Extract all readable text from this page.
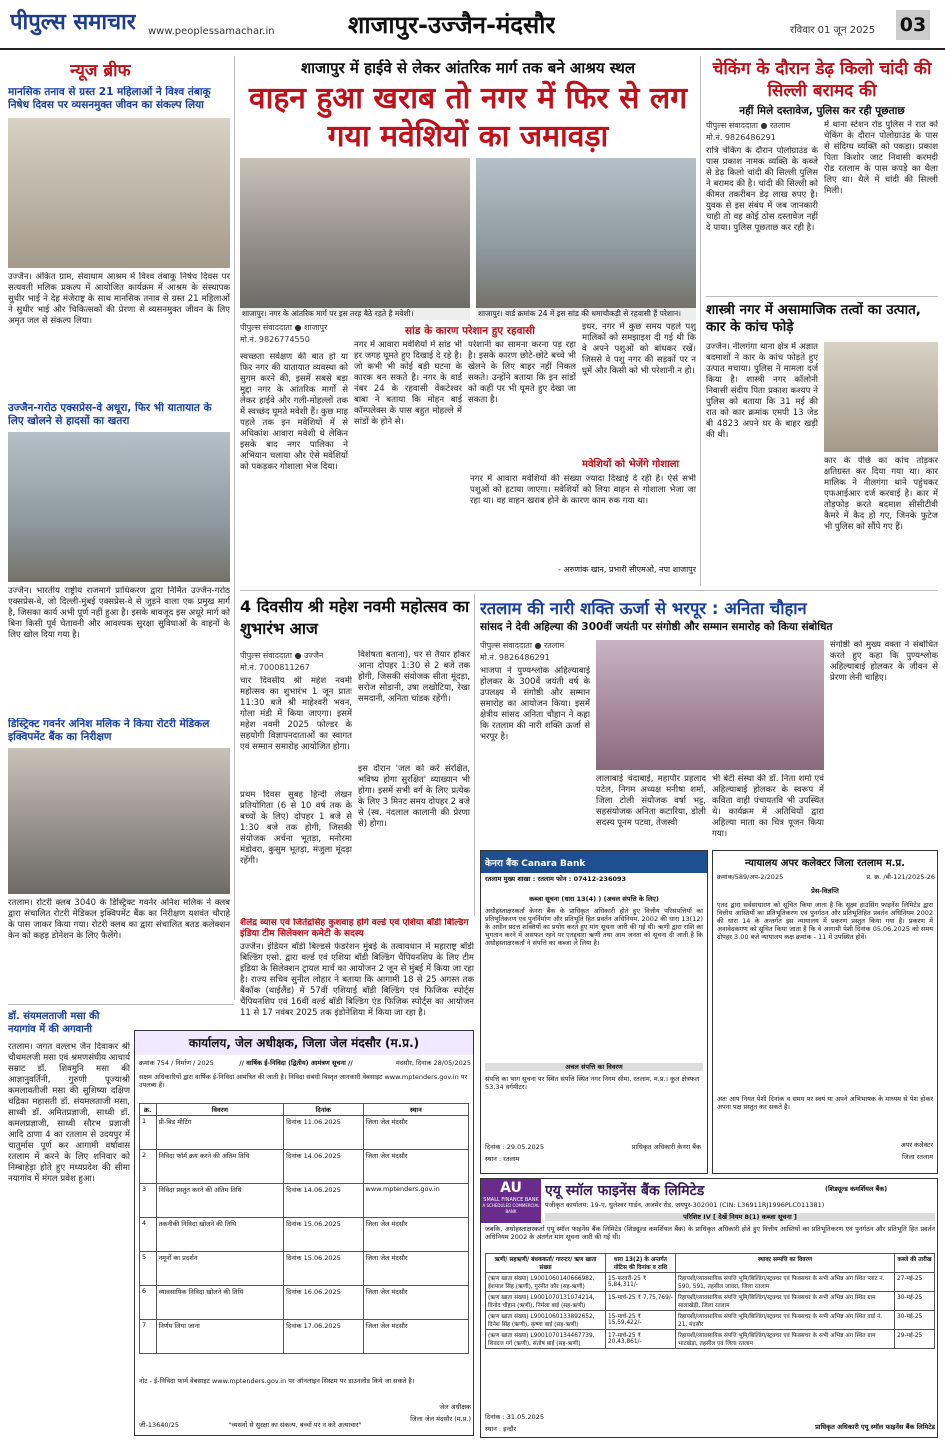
पीपुल्स समाचार www.peoplessamachar.in	शाजापुर-उज्जैन-मंदसौर	रविवार 01 जून 2025 03
न्यूज ब्रीफ
मानसिक तनाव से ग्रस्त 21 महिलाओं ने विश्व तंबाकू निषेध दिवस पर व्यसनमुक्त जीवन का संकल्प लिया
उज्जैन। अंकित ग्राम, सेवाधाम आश्रम में विश्व तंबाकू निषेध दिवस पर सत्यवती मलिक प्रकल्प में आयोजित कार्यक्रम में आश्रम के संस्थापक सुधीर भाई ने देह मंजेराष्ट्र के साथ मानसिक तनाव से ग्रस्त 21 महिलाओं ने सुधीर भाई और चिकित्सकों की प्रेरणा से व्यसनमुक्त जीवन के लिए अमृत जल से संकल्प लिया।
उज्जैन-गरोठ एक्सप्रेस-वे अधूरा, फिर भी यातायात के लिए खोलने से हादसों का खतरा
उज्जैन। भारतीय राष्ट्रीय राजमार्ग प्राधिकरण द्वारा निर्मित उज्जैन-गरोठ एक्सप्रेस-वे, जो दिल्ली-मुंबई एक्सप्रेस-वे से जुड़ने वाला एक प्रमुख मार्ग है, जिसका कार्य अभी पूर्ण नहीं हुआ है। इसके बावजूद इस अधूरे मार्ग को बिना किसी पूर्व चेतावनी और आवश्यक सुरक्षा सुविधाओं के वाहनों के लिए खोल दिया गया है।
डिस्ट्रिक्ट गवर्नर अनिश मलिक ने किया रोटरी मेडिकल इक्विपमेंट बैंक का निरीक्षण
रतलाम। रोटरी क्लब 3040 के डिस्ट्रिक्ट गवर्नर अनिश मलिक ने क्लब द्वारा संचालित रोटरी मेडिकल इक्विपमेंट बैंक का निरीक्षण यशवंत चौराहे के पास जाकर किया गया। रोटरी क्लब का द्वारा संचालित बतड कलेक्शन केन को कहड़ डोनेशन के लिए फैलेंगे।
शाजापुर में हाईवे से लेकर आंतरिक मार्ग तक बने आश्रय स्थल
वाहन हुआ खराब तो नगर में फिर से लग गया मवेशियों का जमावड़ा
शाजापुर। नगर के आंतरिक मार्ग पर इस तरह बैठे रहते है मवेशी।	शाजापुर। वार्ड क्रमांक 24 में इस सांड की धमाचौकड़ी से रहवासी हैं परेशान।
पीपुल्स संवाददाता ● शाजापुर
मो.नं. 9826774550
सांड के कारण परेशान हुए रहवासी
स्वच्छता सर्वेक्षण की बात हो या फिर नगर की यातायात व्यवस्था को सुगम करने की, इसमें सबसे बड़ा मुद्दा नगर के आंतरिक मार्गों से लेकर हाईवे और गली-मोहल्लों तक में स्वच्छंद घूमते मवेशी हैं। कुछ माह पहले तक इन मवेशियों में से अधिकांश आवारा मवेशी थे लेकिन इसके बाद नगर पालिका ने अभियान चलाया और ऐसे मवेशियों को पकड़कर गोशाला भेज दिया।
नगर में आवारा मवेशियों में सांड भी हर जगह घूमते हुए दिखाई दे रहे है। जो कभी भी कोई बड़ी घटना के कारक बन सकते है। नगर के वार्ड नंबर 24 के रहवासी वेंकटेश्वर बाबा ने बताया कि मोहन बाई कॉम्पलेक्स के पास बहुत मोहल्ले में सांडों के होने से।
परेशानी का सामना करना पड़ रहा है। इसके कारण छोटे-छोटे बच्चे भी खेलने के लिए बाहर नहीं निकल सकते। उन्होंने बताया कि इन सांडों को कहीं पर भी घूमते हुए देखा जा सकता है।
इधर, नगर में कुछ समय पहले पशु मालिकों को समझाइश दी गई थी कि वे अपने पशुओं को बांधकर रखें। जिससे वे पशु नगर की सड़कों पर न घूमें और किसी को भी परेशानी न हो।
मवेशियों को भेजेंगे गोशाला
नगर में आवारा मवेशियों की संख्या ज्यादा दिखाई दे रही है। ऐसे सभी पशुओं को हटाया जाएगा। मवेशियों को लिया वाहन से गोशाला भेजा जा रहा था। वह वाहन खराब होने के कारण काम रुक गया था।
- अरुणांक खान, प्रभारी सीएमओ, नपा शाजापुर
चेकिंग के दौरान डेढ़ किलो चांदी की सिल्ली बरामद की
नहीं मिले दस्तावेज, पुलिस कर रही पूछताछ
पीपुल्स संवाददाता ● रतलाम
मो.नं. 9826486291
रात्रि चेकिंग के दौरान पोलोग्राउंड के पास प्रकाश नामक व्यक्ति के कब्जे से डेढ़ किलो चांदी की सिल्ली पुलिस ने बरामद की है। चांदी की सिल्ली को कीमत तकरीबन डेढ़ लाख रुपए है। युवक से इस संबंध में जब जानकारी चाही तो वह कोई ठोस दस्तावेज नहीं दे पाया। पुलिस पूछताछ कर रही है।
में थाना स्टेशन रोड पुलिस ने रात को चेकिंग के दौरान पोलोग्राउंड के पास से संदिग्ध व्यक्ति को पकड़ा। प्रकाश पिता किशोर जाट निवासी करमदी रोड रतलाम के पास कपड़े का थैला लिए था। थैले में चांदी की सिल्ली मिली।
शास्त्री नगर में असामाजिक तत्वों का उत्पात, कार के कांच फोड़े
उज्जैन। नीलगंगा थाना क्षेत्र में अज्ञात बदमाशों ने कार के कांच फोड़ते हुए उत्पात मचाया। पुलिस ने मामला दर्ज किया है। शास्त्री नगर कॉलोनी निवासी संदीप पिता प्रकाश कश्यप ने पुलिस को बताया कि 31 मई की रात को कार क्रमांक एमपी 13 जेड बी 4823 अपने घर के बाहर खड़ी की थी।
कार के पीछे का कांच तोड़कर क्षतिग्रस्त कर दिया गया था। कार मालिक ने नीलगंगा थाने पहुंचकर एफआईआर दर्ज करवाई है। कार में तोड़फोड़ करते बदमाश सीसीटीवी कैमरे में कैद हो गए, जिनके फुटेज भी पुलिस को सौंपे गए हैं।
4 दिवसीय श्री महेश नवमी महोत्सव का शुभारंभ आज
पीपुल्स संवाददाता ● उज्जैन
मो.नं. 7000811267
चार दिवसीय श्री महेश नवमी महोत्सव का शुभारंभ 1 जून प्रातः 11:30 बजे श्री माहेश्वरी भवन, गोला मंडी में किया जाएगा। इसमें महेश नवमी 2025 फोल्डर के सहयोगी विज्ञापनदाताओं का स्वागत एवं सम्मान समारोह आयोजित होगा।
प्रथम दिवस सुबह हिन्दी लेखन प्रतियोगिता (6 से 10 वर्ष तक के बच्चों के लिए) दोपहर 1 बजे से 1:30 बजे तक होगी, जिसकी संयोजक अर्चना भूतड़ा, मनोरमा मंडोवरा, कुसुम भूतड़ा, मंजुला मूंदड़ा रहेंगी।
विशेषता बताना), घर से तैयार होकर आना दोपहर 1:30 से 2 बजे तक होगी, जिसकी संयोजक सीता मूंदड़ा, सरोज सोडानी, उषा लखोटिया, रेखा समदानी, अनिता चांडक रहेंगी।
इस दौरान 'जल को करें संरक्षित, भविष्य होगा सुरक्षित' व्याख्यान भी होगा। इसमें सभी वर्ग के लिए प्रत्येक के लिए 3 मिनट समय दोपहर 2 बजे से (स्व. नंदलाल कालानी की प्रेरणा से) होगा।
रतलाम की नारी शक्ति ऊर्जा से भरपूर : अनिता चौहान
सांसद ने देवी अहिल्या की 300वीं जयंती पर संगोष्ठी और सम्मान समारोह को किया संबोधित
पीपुल्स संवाददाता ● रतलाम
मो.नं. 9826486291
भाजपा ने पुण्यश्लोक अहिल्याबाई होलकर के 300वें जयंती वर्ष के उपलक्ष्य में संगोष्ठी और सम्मान समारोह का आयोजन किया। इसमें क्षेत्रीय सांसद अनिता चौहान ने कहा कि रतलाम की नारी शक्ति ऊर्जा से भरपूर है।
लालाबाई चंदाबाई, महापौर प्रहलाद पटेल, निगम अध्यक्ष मनीषा शर्मा, जिला टोली संयोजक वर्षा भट्ट, सहसंयोजक अनिता कटारिया, डोली सदस्य पूनम पटवा, तेजस्वी
भी बेटी संस्था की डॉ. निता शर्मा एवं अहिल्याबाई होलकर के स्वरूप में कविता वाही पंचायतवि भी उपस्थित थे। कार्यक्रम में अतिथियों द्वारा अहिल्या माता का चित्र पूजन किया गया।
संगोष्ठी को मुख्य वक्ता ने संबोधित करते हुए कहा कि पुण्यश्लोक अहिल्याबाई होलकर के जीवन से प्रेरणा लेनी चाहिए।
केनरा बैंक Canara Bank
रतलाम मुख्य शाखा : रतलाम फोन : 07412-236093
कब्जा सूचना (धारा 13(4) ) (अचल संपत्ति के लिए)
अधोहस्ताक्षरकर्ता केनरा बैंक के प्राधिकृत अधिकारी होते हुए वित्तीय परिसंपत्तियों का प्रतिभूतिकरण एवं पुनर्निर्माण और प्रतिभूति हित प्रवर्तन अधिनियम, 2002 की धारा 13(12) के अधीन प्रदत्त शक्तियों का प्रयोग करते हुए मांग सूचना जारी की गई थी। ऋणी द्वारा राशि का भुगतान करने में असफल रहने पर एतद्द्वारा ऋणी तथा आम जनता को सूचना दी जाती है कि अधोहस्ताक्षरकर्ता ने संपत्ति का कब्जा ले लिया है।
अचल संपत्ति का विवरण
संपत्ति का भाग सूचना पर स्थित संपत्ति स्थित नगर निगम सीमा, रतलाम, म.प्र.। कुल क्षेत्रफल 53.34 वर्गमीटर।
दिनांक : 29.05.2025
स्थान : रतलाम
प्राधिकृत अधिकारी केनरा बैंक
न्यायालय अपर कलेक्टर जिला रतलाम म.प्र.
क्रमांक/589/अप-2/2025	प्र. क्र. /बी-121/2025-26
प्रेस-विज्ञप्ति
एतद द्वारा सर्वसाधारण को सूचित किया जाता है कि सूक्ष्म हाउसिंग फाइनेंस लिमिटेड द्वारा वित्तीय आस्तियों का प्रतिभूतिकरण एवं पुनर्गठन और प्रतिभूतिहित प्रवर्तन अधिनियम 2002 की धारा 14 के अन्तर्गत इस न्यायालय में प्रकरण प्रस्तुत किया गया है। प्रकरण में अनावेदकगण को सूचित किया जाता है कि वे आगामी पेशी दिनांक 05.06.2025 को समय दोपहर 3.00 बजे न्यायालय कक्ष क्रमांक - 11 में उपस्थित होवें।
अतः आप नियत पेशी दिनांक व समय पर स्वयं या अपने अभिभाषक के माध्यम से पेश होकर अपना पक्ष प्रस्तुत कर सकते है।
अपर कलेक्टर
जिला रतलाम
शैलेंद्र व्यास एवं जितेंद्रसिंह कुशवाह होंगे वर्ल्ड एवं एशिया बॉडी बिल्डिंग इंडिया टीम सिलेक्शन कमेटी के सदस्य
उज्जैन। इंडियन बॉडी बिल्डर्स फेडरेशन मुंबई के तत्वावधान में महाराष्ट्र बॉडी बिल्डिंग एसो. द्वारा वर्ल्ड एवं एशिया बॉडी बिल्डिंग चैंपियनशिप के लिए टीम इंडिया के सिलेक्शन ट्रायल मार्च का आयोजन 2 जून से मुंबई में किया जा रहा है। राज्य सचिव सुनील लोहार ने बताया कि आगामी 18 से 25 अगस्त तक बैंकॉक (थाईलैंड) में 57वीं एशियाई बॉडी बिल्डिंग एवं फिजिक स्पोर्ट्स चैंपियनशिप एवं 16वीं वर्ल्ड बॉडी बिल्डिंग एंड फिजिक स्पोर्ट्स का आयोजन 11 से 17 नवंबर 2025 तक इंडोनेशिया में किया जा रहा है।
डॉ. संयमलताजी मसा की नयागांव में की अगवानी
रतलाम। जगत वल्लभ जैन दिवाकर श्री चौथमलजी मसा एवं श्रमणसंघीय आचार्य सम्राट डॉ. शिवमुनि मसा की आज्ञानुवर्तिनी, गुरुणी पूज्याश्री कमलावतीजी मसा की सुशिष्या दक्षिण चंद्रिका महासती डॉ. संयमलताजी मसा, साध्वी डॉ. अमितप्रज्ञाजी, साध्वी डॉ. कमलप्रज्ञाजी, साध्वी सौरभ प्रज्ञाजी आदि ठाणा 4 का रतलाम से उदयपुर में चातुर्मास पूर्ण कर आगामी वर्षावास रतलाम में करने के लिए शनिवार को निम्बाहेड़ा होते हुए मध्यप्रदेश की सीमा नयागांव में मंगल प्रवेश हुआ।
कार्यालय, जेल अधीक्षक, जिला जेल मंदसौर (म.प्र.)
क्रमांक 754 / निर्माण / 2025	// वार्षिक ई-निविदा (द्वितीय) आमंत्रण सूचना //	मंदसौर, दिनांक 28/05/2025
सक्षम अधिकारियों द्वारा वार्षिक ई-निविदा आमंत्रित की जाती है। निविदा संबंधी विस्तृत जानकारी वेबसाइट www.mptenders.gov.in पर उपलब्ध है।
क्र.	विवरण	दिनांक	स्थान
1	प्री-बिड मीटिंग	दिनांक 11.06.2025	जिला जेल मंदसौर
2	निविदा फॉर्म क्रय करने की अंतिम तिथि	दिनांक 14.06.2025	जिला जेल मंदसौर
3	निविदा प्रस्तुत करने की अंतिम तिथि	दिनांक 14.06.2025	www.mptenders.gov.in
4	तकनीकी निविदा खोलने की तिथि	दिनांक 15.06.2025	जिला जेल मंदसौर
5	नमूनों का प्रदर्शन	दिनांक 15.06.2025	जिला जेल मंदसौर
6	व्यावसायिक निविदा खोलने की तिथि	दिनांक 16.06.2025	जिला जेल मंदसौर
7	निर्णय लिया जाना	दिनांक 17.06.2025	जिला जेल मंदसौर
नोट - ई-निविदा फार्म वेबसाइट www.mptenders.gov.in पर ऑनलाइन सिस्टम पर डाउनलोड किये जा सकते है।
जी-13640/25	"व्यसनों से सुरक्षा का संकल्प, बच्चों पर न करे अत्याचार"
जेल अधीक्षक
जिला जेल मंदसौर (म.प्र.)
AU
SMALL FINANCE BANK
A SCHEDULED COMMERCIAL BANK
एयू स्मॉल फाइनेंस बैंक लिमिटेड	(शिड्यूल्ड कमर्शियल बैंक)
पंजीकृत कार्यालय: 19-ए, धुलेश्वर गार्डन, अजमेर रोड, जयपुर-302001 (CIN: L36911RJ1996PLC011381)
परिशिष्ट IV [ देखें नियम 8(1) कब्जा सूचना ]
जबकि, अधोहस्ताक्षरकर्ता एयू स्मॉल फाइनेंस बैंक लिमिटेड (शिड्यूल्ड कमर्शियल बैंक) के प्राधिकृत अधिकारी होते हुए वित्तीय आस्तियों का प्रतिभूतिकरण एवं पुनर्गठन और प्रतिभूति हित प्रवर्तन अधिनियम 2002 के अंतर्गत मांग सूचना जारी की गई थी।
ऋणी/ सहऋणी/ बंधककर्ता/ गारन्टर/ ऋण खाता संख्या	धारा 13(2) के अन्तर्गत नोटिस की दिनांक व राशि	स्थावर सम्पत्ति का विवरण	कब्जे की तारीख
(ऋण खाता संख्या) L9001060140666982, ईशपाल सिंह (ऋणी), गुरमीत कौर (सह-ऋणी)	15-फरवरी-25 ₹ 5,84,311/-	रिहायशी/व्यावसायिक संपत्ति भूमि/बिल्डिंग/स्ट्रक्चर एवं फिक्सचर के सभी अभिन्न अंग स्थित प्लाट नं. 590, 591, तहसील जावरा, जिला रतलाम	27-मई-25
(ऋण खाता संख्या) L9001070131074214, विनोद चौहान (ऋणी), निर्मला बाई (सह-ऋणी)	15-मार्च-25 ₹ 7,75,769/-	रिहायशी/व्यावसायिक संपत्ति भूमि/बिल्डिंग/स्ट्रक्चर एवं फिक्सचर के सभी अभिन्न अंग स्थित ग्राम सालाखेड़ी, जिला रतलाम	30-मई-25
(ऋण खाता संख्या) L9001060133892652, दिनेश सिंह (ऋणी), कृष्णा बाई (सह-ऋणी)	15-मार्च-25 ₹ 15,59,422/-	रिहायशी/व्यावसायिक संपत्ति भूमि/बिल्डिंग/स्ट्रक्चर एवं फिक्सचर के सभी अभिन्न अंग स्थित वार्ड नं. 21, मंदसौर	30-मई-25
(ऋण खाता संख्या) L9001070134467739, शिवदत्त गर्ग (ऋणी), संतोष बाई (सह-ऋणी)	17-मार्च-25 ₹ 20,43,861/-	रिहायशी/व्यावसायिक संपत्ति भूमि/बिल्डिंग/स्ट्रक्चर एवं फिक्सचर के सभी अभिन्न अंग स्थित ग्राम भाटखेड़ा, तहसील एवं जिला रतलाम	29-मई-25
दिनांक : 31.05.2025
स्थान : इन्दौर	प्राधिकृत अधिकारी एयू स्मॉल फाइनेंस बैंक लिमिटेड
